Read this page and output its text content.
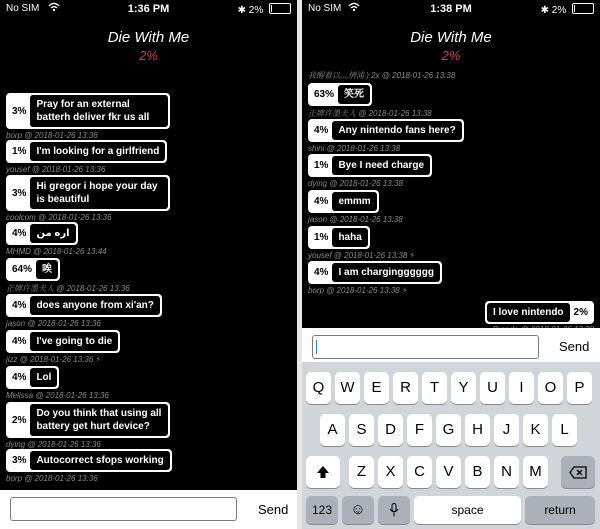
No SIM	1:36 PM	✱ 2%
Die With Me
2%
3%
Pray for an external batterh deliver fkr us all
borp @ 2018-01-26 13:36
1%	I'm looking for a girlfriend
yousef @ 2018-01-26 13:36
3%
Hi gregor i hope your day is beautiful
coolcom @ 2018-01-26 13:36
4%	اره من
MHMD @ 2018-01-26 13:44
64%	唉
正牌许墨夫人 @ 2018-01-26 13:36
4%	does anyone from xi'an?
jason @ 2018-01-26 13:36
4%	I've going to die
jizz @ 2018-01-26 13:36 ⚡
4%	Lol
Melissa @ 2018-01-26 13:36
2%
Do you think that using all battery get hurt device?
dying @ 2018-01-26 13:36
3%	Autocorrect sfops working
borp @ 2018-01-26 13:36
Send
No SIM	1:38 PM	✱ 2%
Die With Me
2%
我醒着以灬情浦 ) 2x @ 2018-01-26 13:38
63%	笑死
正牌许墨夫人 @ 2018-01-26 13:38
4%	Any nintendo fans here?
shini @ 2018-01-26 13:38
1%	Bye I need charge
dying @ 2018-01-26 13:38
4%	emmm
jason @ 2018-01-26 13:38
1%	haha
yousef @ 2018-01-26 13:38 ⚡
4%	I am chargingggggg
borp @ 2018-01-26 13:38 ⚡
I love nintendo	2%
Send
Q	W	E	R	T	Y	U	I	O	P
A	S	D	F	G	H	J	K	L
Z	X	C	V	B	N	M
123	☺	space	return
